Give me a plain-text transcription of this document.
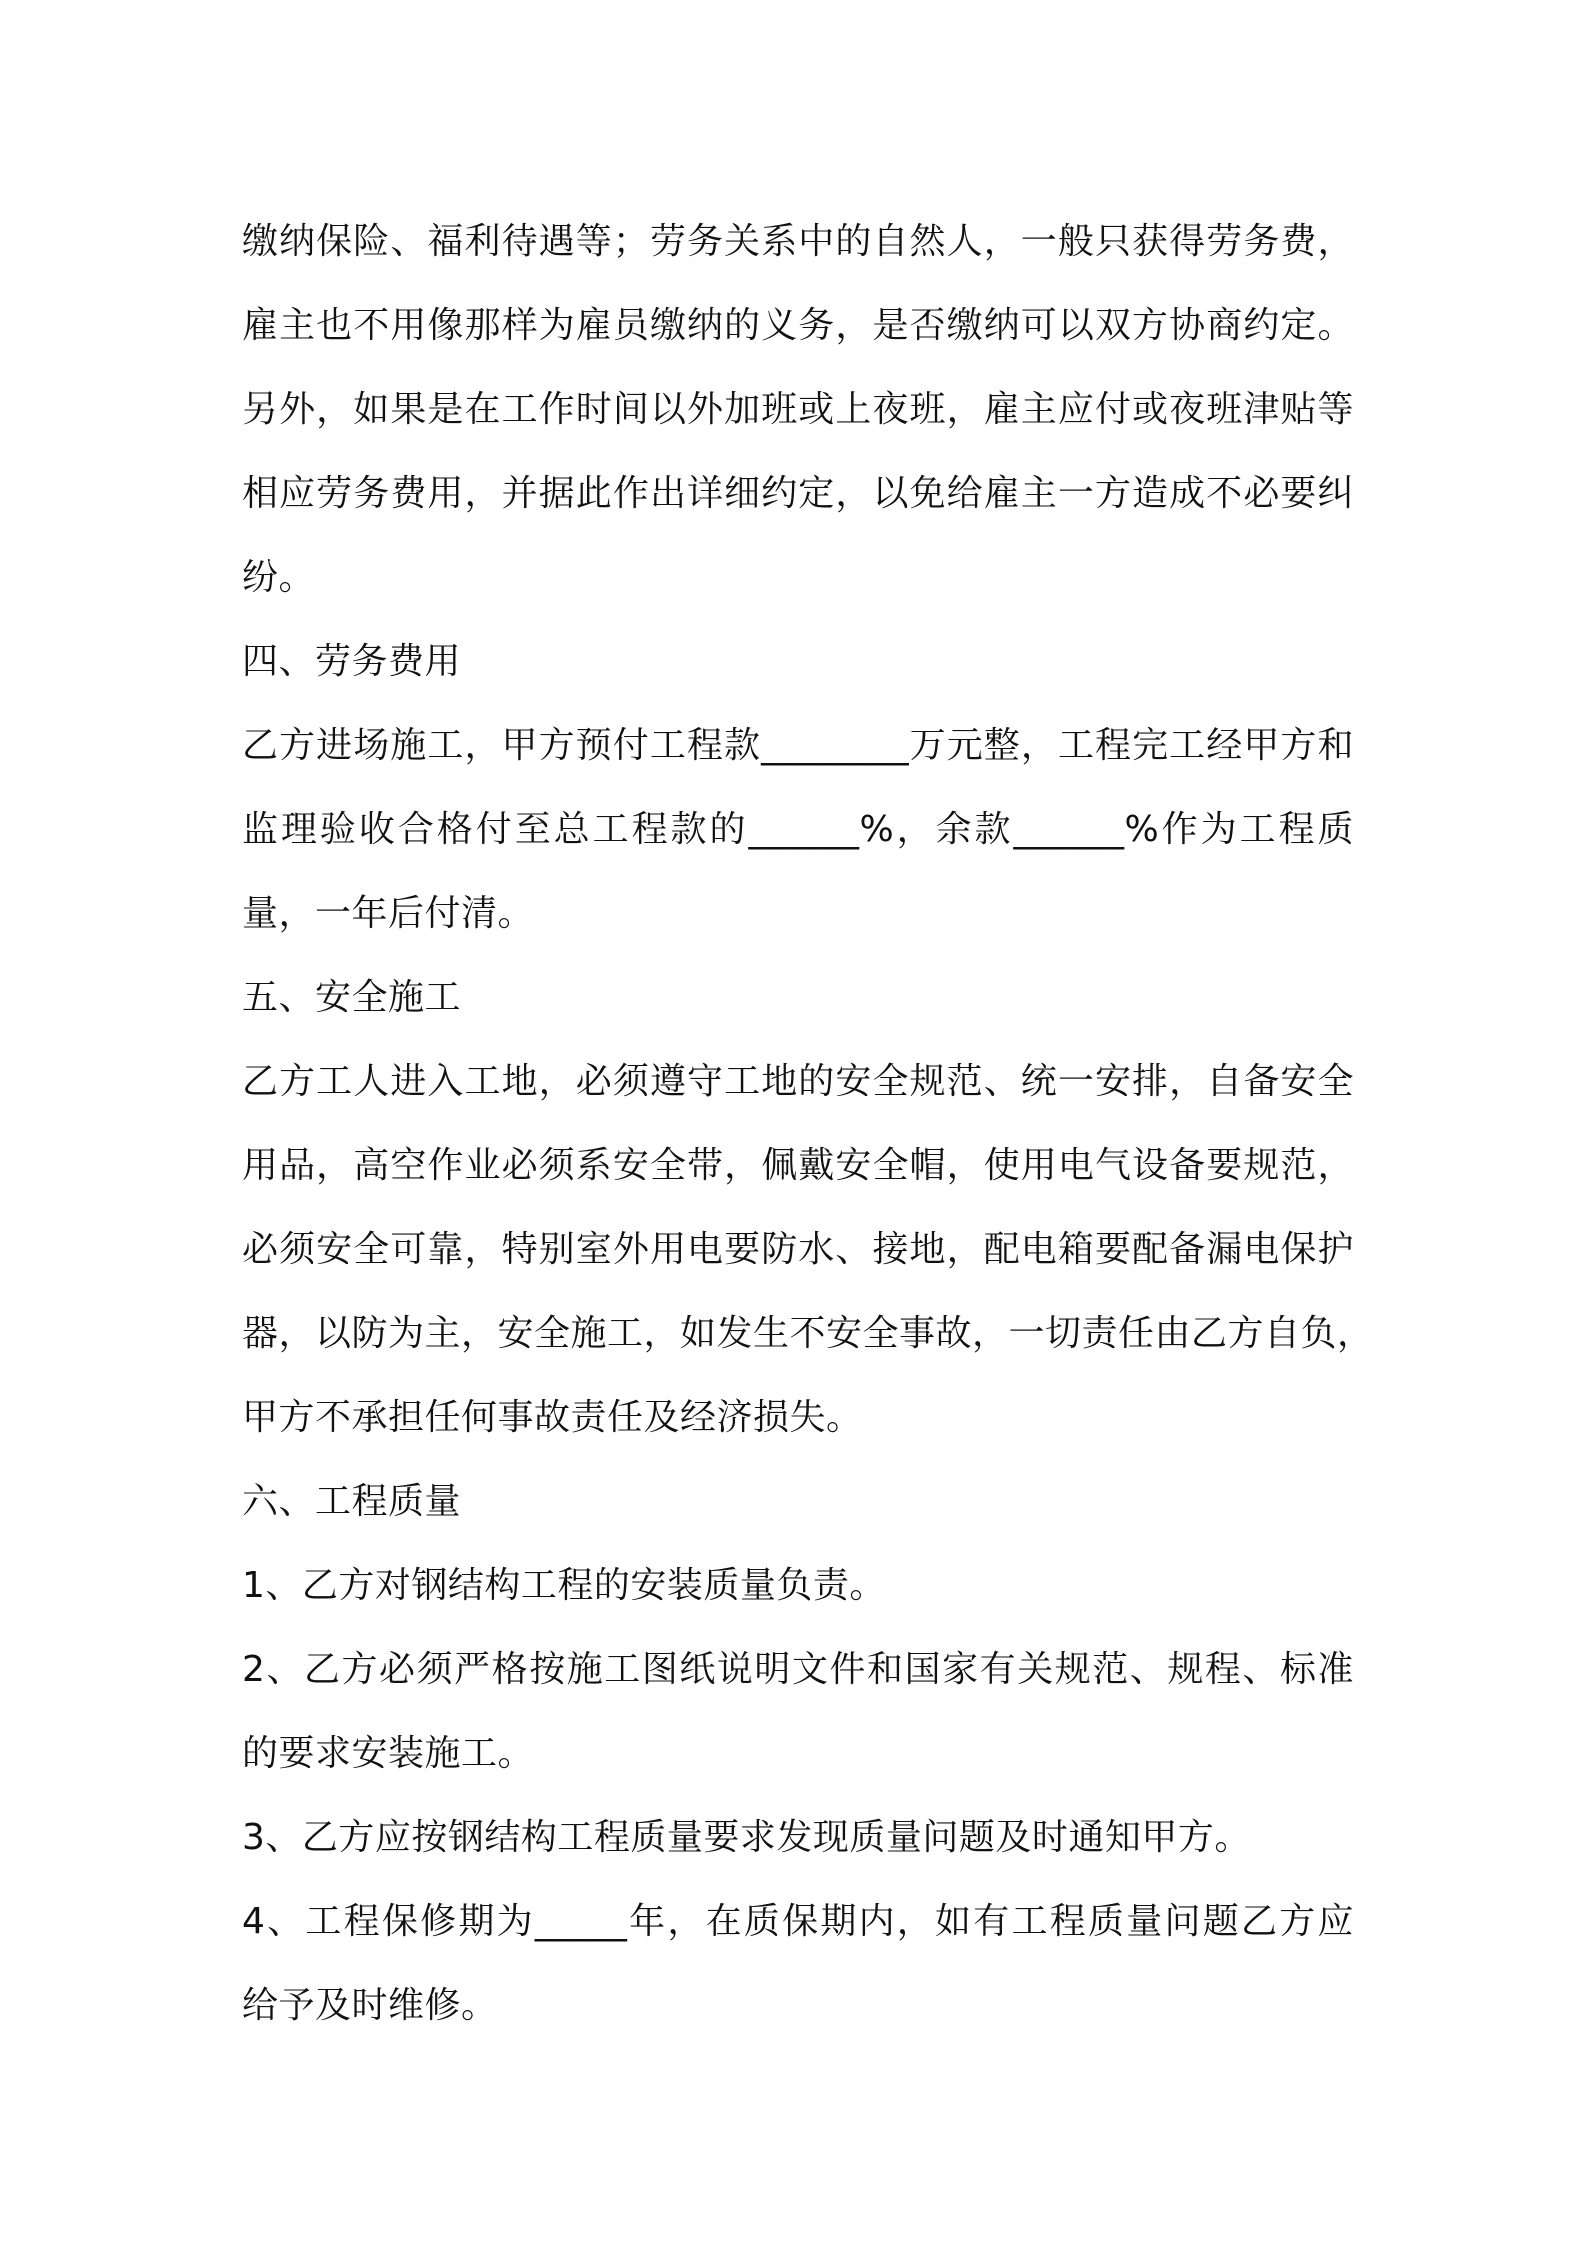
缴纳保险、福利待遇等；劳务关系中的自然人，一般只获得劳务费，
雇主也不用像那样为雇员缴纳的义务，是否缴纳可以双方协商约定。
另外，如果是在工作时间以外加班或上夜班，雇主应付或夜班津贴等
相应劳务费用，并据此作出详细约定，以免给雇主一方造成不必要纠
纷。
四、劳务费用
乙方进场施工，甲方预付工程款________万元整，工程完工经甲方和
监理验收合格付至总工程款的______%，余款______%作为工程质
量，一年后付清。
五、安全施工
乙方工人进入工地，必须遵守工地的安全规范、统一安排，自备安全
用品，高空作业必须系安全带，佩戴安全帽，使用电气设备要规范，
必须安全可靠，特别室外用电要防水、接地，配电箱要配备漏电保护
器，以防为主，安全施工，如发生不安全事故，一切责任由乙方自负，
甲方不承担任何事故责任及经济损失。
六、工程质量
1、乙方对钢结构工程的安装质量负责。
2、乙方必须严格按施工图纸说明文件和国家有关规范、规程、标准
的要求安装施工。
3、乙方应按钢结构工程质量要求发现质量问题及时通知甲方。
4、工程保修期为_____年，在质保期内，如有工程质量问题乙方应
给予及时维修。
